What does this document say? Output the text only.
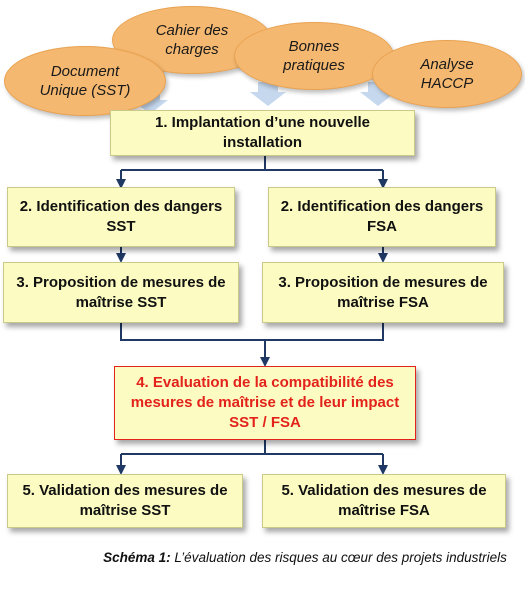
Cahier des
charges
Document
Unique (SST)
Bonnes
pratiques	Analyse
HACCP
1. Implantation d’une nouvelle installation
2. Identification des dangers SST
2. Identification des dangers FSA
3. Proposition de mesures de maîtrise SST
3. Proposition de mesures de maîtrise FSA
4. Evaluation de la compatibilité des mesures de maîtrise et de leur impact SST / FSA
5. Validation des mesures de maîtrise SST
5. Validation des mesures de maîtrise FSA
Schéma 1: L’évaluation des risques au cœur des projets industriels
